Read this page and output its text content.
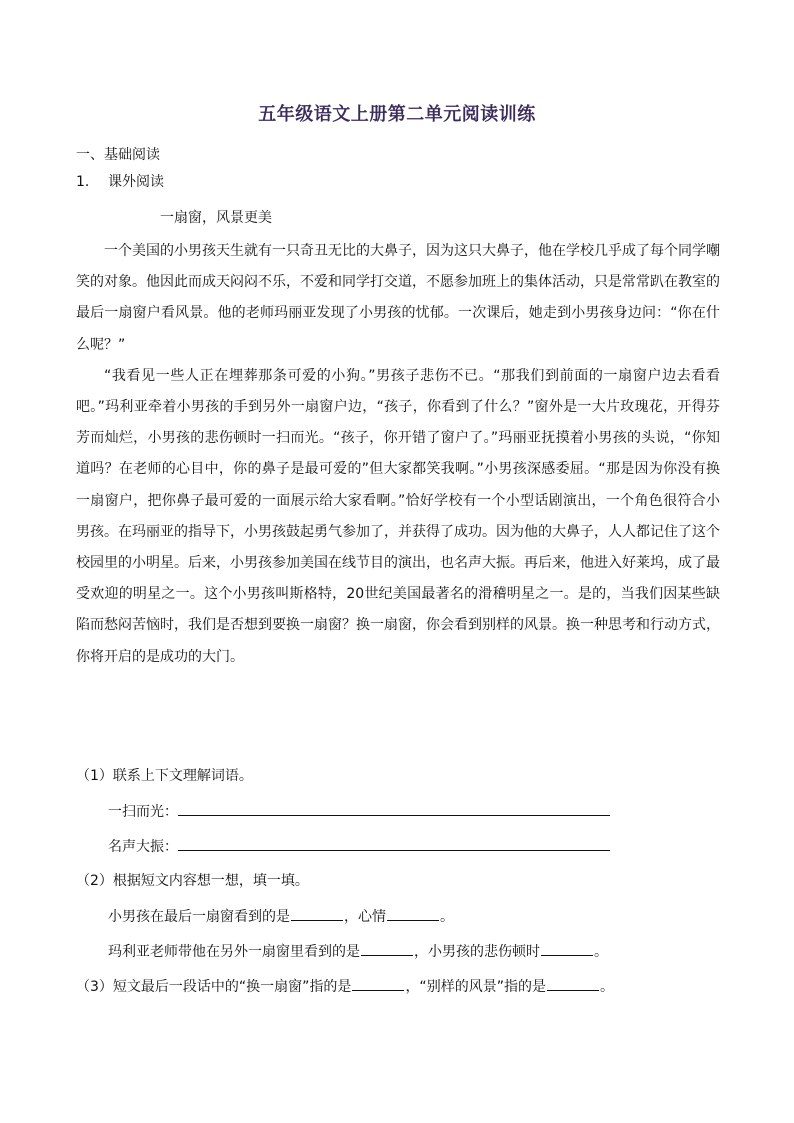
五年级语文上册第二单元阅读训练
一、基础阅读
1. 课外阅读
一扇窗，风景更美

一个美国的小男孩天生就有一只奇丑无比的大鼻子，因为这只大鼻子，他在学校几乎成了每个同学嘲笑的对象。他因此而成天闷闷不乐，不爱和同学打交道，不愿参加班上的集体活动，只是常常趴在教室的最后一扇窗户看风景。他的老师玛丽亚发现了小男孩的忧郁。一次课后，她走到小男孩身边问：“你在什么呢？”

“我看见一些人正在埋葬那条可爱的小狗。”男孩子悲伤不已。“那我们到前面的一扇窗户边去看看吧。”玛利亚牵着小男孩的手到另外一扇窗户边，“孩子，你看到了什么？”窗外是一大片玫瑰花，开得芬芳而灿烂，小男孩的悲伤顿时一扫而光。“孩子，你开错了窗户了。”玛丽亚抚摸着小男孩的头说，“你知道吗？在老师的心目中，你的鼻子是最可爱的”但大家都笑我啊。”小男孩深感委屈。“那是因为你没有换一扇窗户，把你鼻子最可爱的一面展示给大家看啊。”恰好学校有一个小型话剧演出，一个角色很符合小男孩。在玛丽亚的指导下，小男孩鼓起勇气参加了，并获得了成功。因为他的大鼻子，人人都记住了这个校园里的小明星。后来，小男孩参加美国在线节目的演出，也名声大振。再后来，他进入好莱坞，成了最受欢迎的明星之一。这个小男孩叫斯格特，20世纪美国最著名的滑稽明星之一。是的，当我们因某些缺陷而愁闷苦恼时，我们是否想到要换一扇窗？换一扇窗，你会看到别样的风景。换一种思考和行动方式，你将开启的是成功的大门。

（1）联系上下文理解词语。
一扫而光：
名声大振：
（2）根据短文内容想一想，填一填。
小男孩在最后一扇窗看到的是	，心情	。
玛利亚老师带他在另外一扇窗里看到的是	，小男孩的悲伤顿时	。
（3）短文最后一段话中的“换一扇窗”指的是	，“别样的风景”指的是	。
